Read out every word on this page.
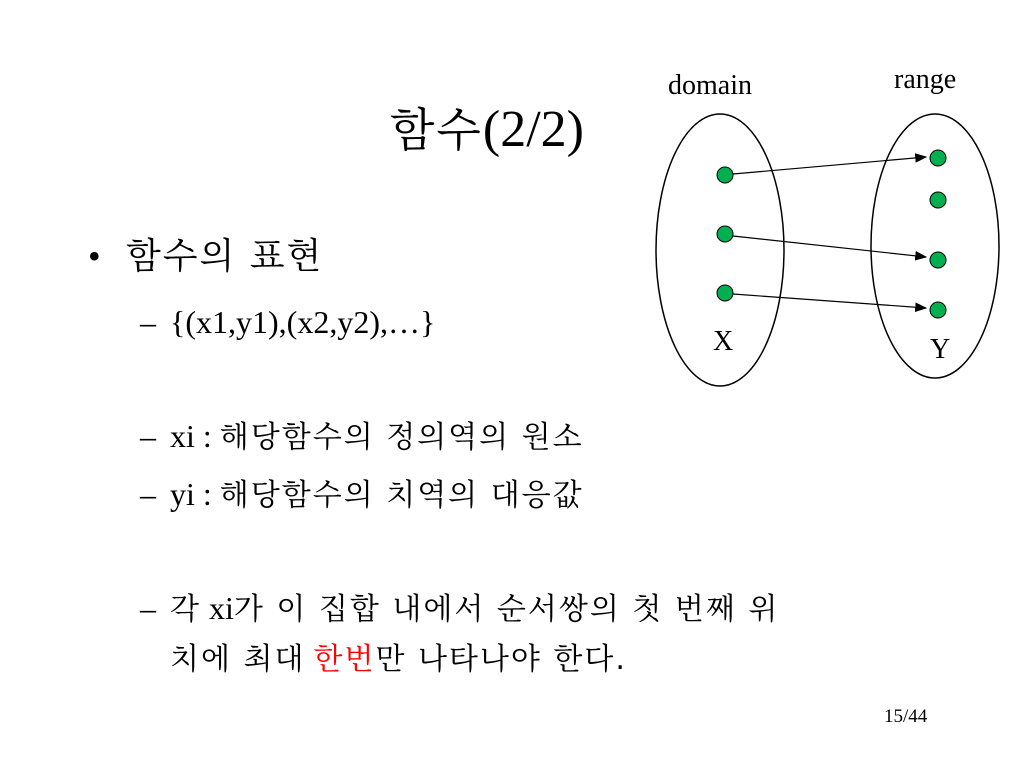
함수(2/2)
• 함수의 표현
– {(x1,y1),(x2,y2),…}
– xi : 해당함수의 정의역의 원소
– yi : 해당함수의 치역의 대응값
– 각 xi가 이 집합 내에서 순서쌍의 첫 번째 위
치에 최대 한번만 나타나야 한다.
domain	range
X	Y
15/44
